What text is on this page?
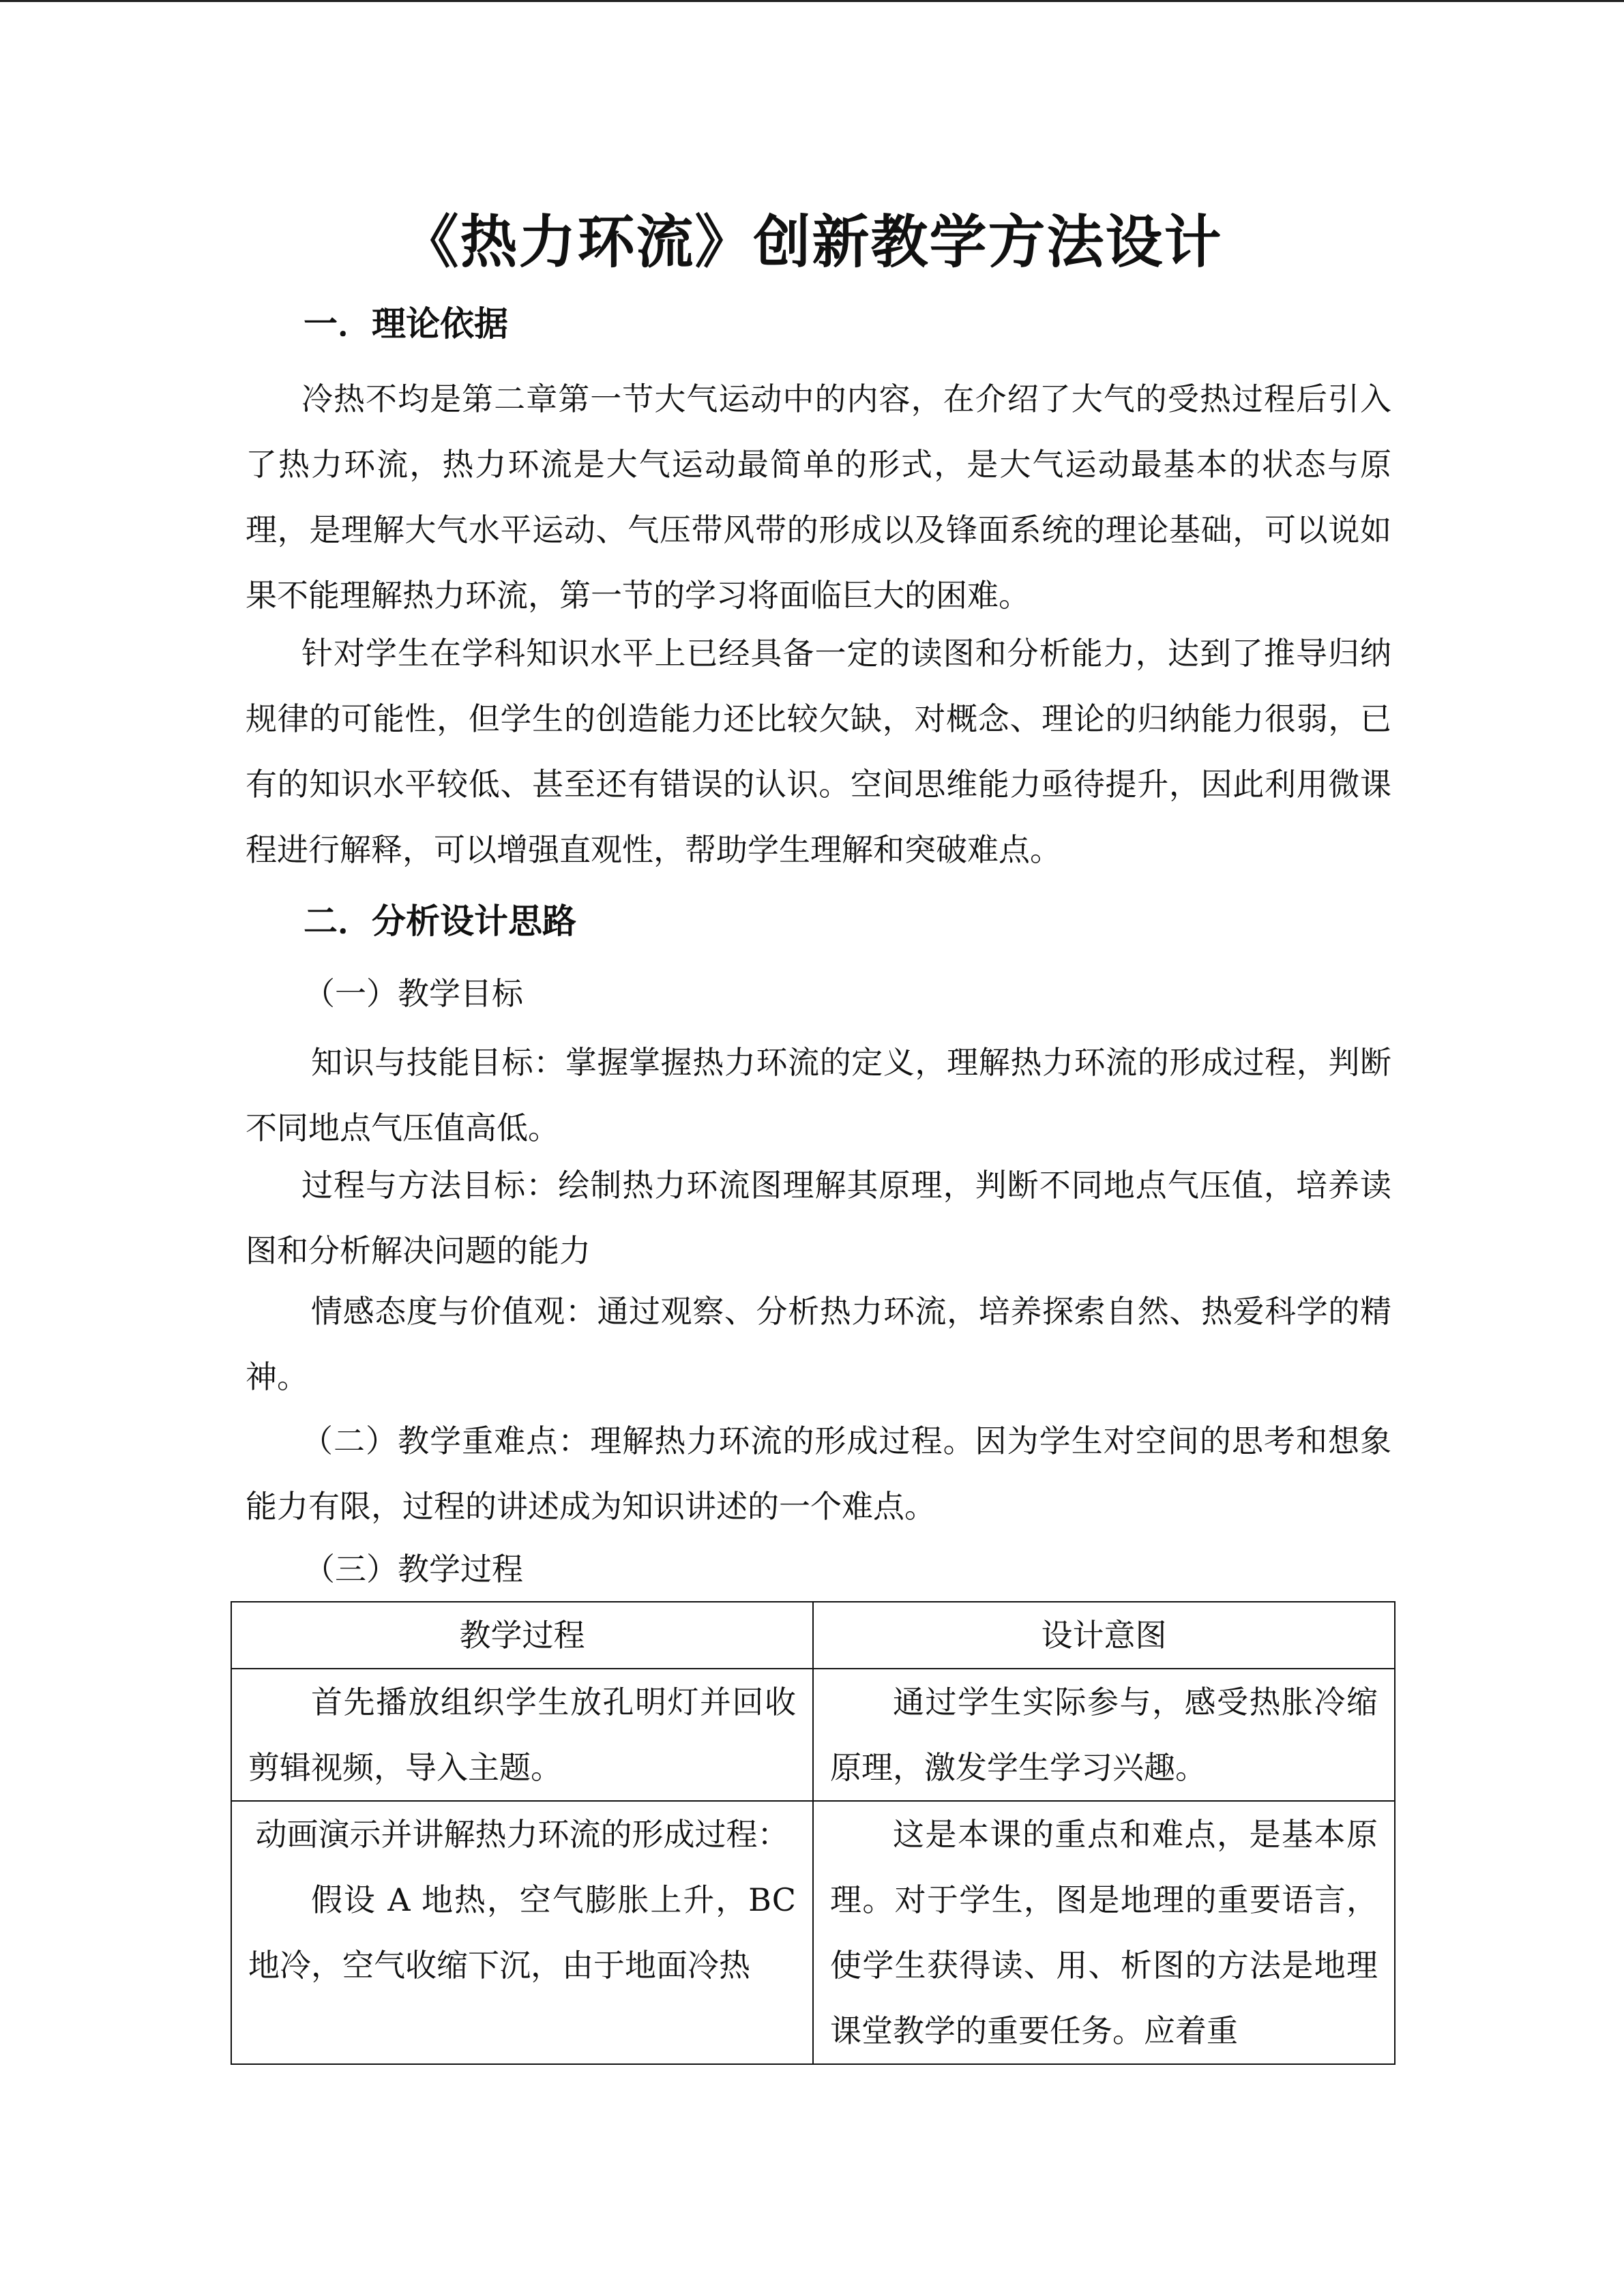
《热力环流》创新教学方法设计
一．理论依据
冷热不均是第二章第一节大气运动中的内容，在介绍了大气的受热过程后引入了热力环流，热力环流是大气运动最简单的形式，是大气运动最基本的状态与原理，是理解大气水平运动、气压带风带的形成以及锋面系统的理论基础，可以说如果不能理解热力环流，第一节的学习将面临巨大的困难。
针对学生在学科知识水平上已经具备一定的读图和分析能力，达到了推导归纳规律的可能性，但学生的创造能力还比较欠缺，对概念、理论的归纳能力很弱，已有的知识水平较低、甚至还有错误的认识。空间思维能力亟待提升，因此利用微课程进行解释，可以增强直观性，帮助学生理解和突破难点。
二．分析设计思路
（一）教学目标
知识与技能目标：掌握掌握热力环流的定义，理解热力环流的形成过程，判断不同地点气压值高低。
过程与方法目标：绘制热力环流图理解其原理，判断不同地点气压值，培养读图和分析解决问题的能力
情感态度与价值观：通过观察、分析热力环流，培养探索自然、热爱科学的精神。
（二）教学重难点：理解热力环流的形成过程。因为学生对空间的思考和想象能力有限，过程的讲述成为知识讲述的一个难点。
（三）教学过程
教学过程	设计意图

首先播放组织学生放孔明灯并回收剪辑视频，导入主题。	通过学生实际参与，感受热胀冷缩原理，激发学生学习兴趣。

动画演示并讲解热力环流的形成过程：
假设 A 地热，空气膨胀上升，BC 地冷，空气收缩下沉，由于地面冷热	这是本课的重点和难点，是基本原理。对于学生，图是地理的重要语言，使学生获得读、用、析图的方法是地理课堂教学的重要任务。应着重
